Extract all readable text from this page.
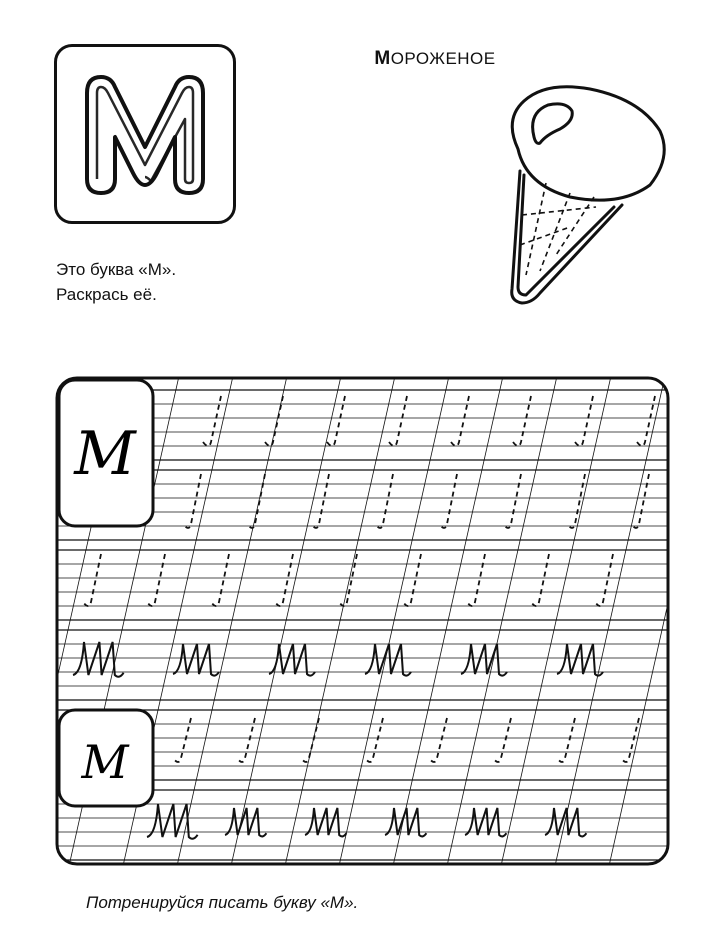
МОРОЖЕНОЕ
Это буква «М».
Раскрась её.
M
M
Потренируйся писать букву «М».
